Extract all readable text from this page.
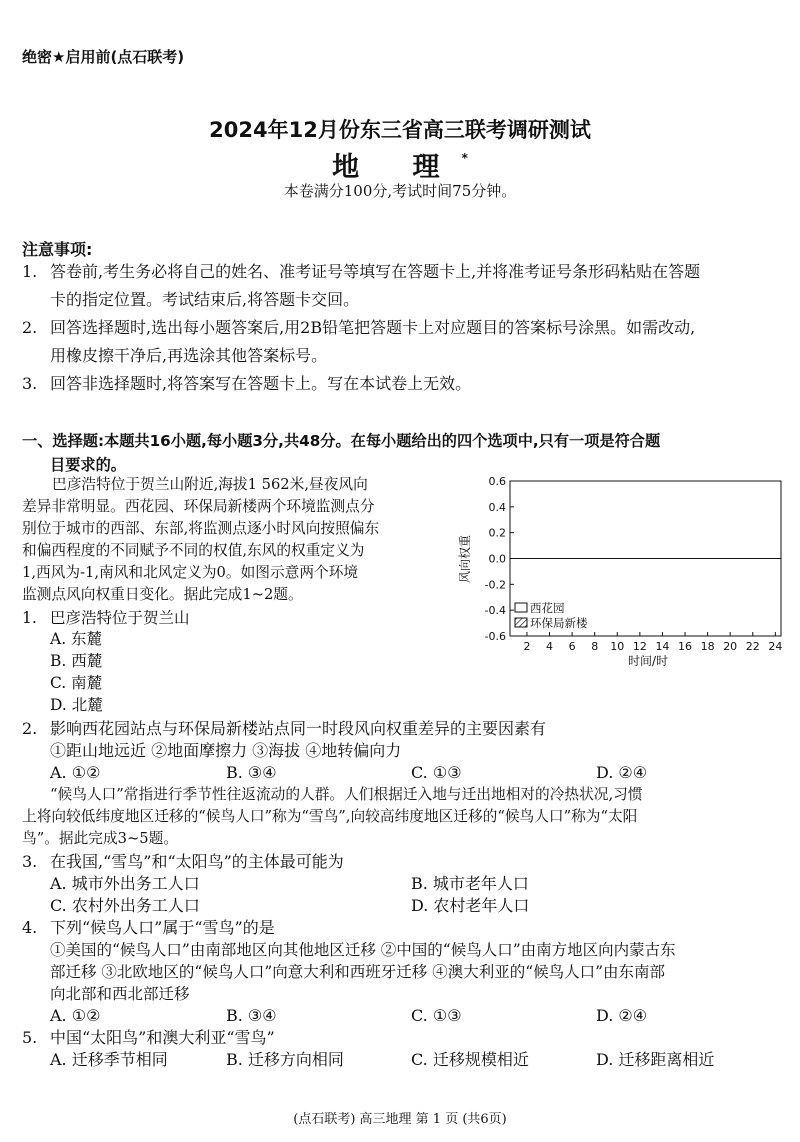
绝密★启用前(点石联考)
2024年12月份东三省高三联考调研测试
地 理*
本卷满分100分,考试时间75分钟。
注意事项:
1. 答卷前,考生务必将自己的姓名、准考证号等填写在答题卡上,并将准考证号条形码粘贴在答题
卡的指定位置。考试结束后,将答题卡交回。
2. 回答选择题时,选出每小题答案后,用2B铅笔把答题卡上对应题目的答案标号涂黑。如需改动,
用橡皮擦干净后,再选涂其他答案标号。
3. 回答非选择题时,将答案写在答题卡上。写在本试卷上无效。
一、选择题:本题共16小题,每小题3分,共48分。在每小题给出的四个选项中,只有一项是符合题
目要求的。
巴彦浩特位于贺兰山附近,海拔1 562米,昼夜风向
差异非常明显。西花园、环保局新楼两个环境监测点分
别位于城市的西部、东部,将监测点逐小时风向按照偏东
和偏西程度的不同赋予不同的权值,东风的权重定义为
1,西风为-1,南风和北风定义为0。如图示意两个环境
监测点风向权重日变化。据此完成1~2题。
0.6
0.4
0.2
0.0
-0.2
-0.4
-0.6
2 4 6 8 10 12 14 16 18 20 22 24
风向权重
时间/时
西花园
环保局新楼
1. 巴彦浩特位于贺兰山
A. 东麓
B. 西麓
C. 南麓
D. 北麓
2. 影响西花园站点与环保局新楼站点同一时段风向权重差异的主要因素有
①距山地远近 ②地面摩擦力 ③海拔 ④地转偏向力
A. ①②	B. ③④	C. ①③	D. ②④
“候鸟人口”常指进行季节性往返流动的人群。人们根据迁入地与迁出地相对的冷热状况,习惯
上将向较低纬度地区迁移的“候鸟人口”称为“雪鸟”,向较高纬度地区迁移的“候鸟人口”称为“太阳
鸟”。据此完成3~5题。
3. 在我国,“雪鸟”和“太阳鸟”的主体最可能为
A. 城市外出务工人口	B. 城市老年人口
C. 农村外出务工人口	D. 农村老年人口
4. 下列“候鸟人口”属于“雪鸟”的是
①美国的“候鸟人口”由南部地区向其他地区迁移 ②中国的“候鸟人口”由南方地区向内蒙古东
部迁移 ③北欧地区的“候鸟人口”向意大利和西班牙迁移 ④澳大利亚的“候鸟人口”由东南部
向北部和西北部迁移
A. ①②	B. ③④	C. ①③	D. ②④
5. 中国“太阳鸟”和澳大利亚“雪鸟”
A. 迁移季节相同	B. 迁移方向相同	C. 迁移规模相近	D. 迁移距离相近
(点石联考) 高三地理 第 1 页 (共6页)
